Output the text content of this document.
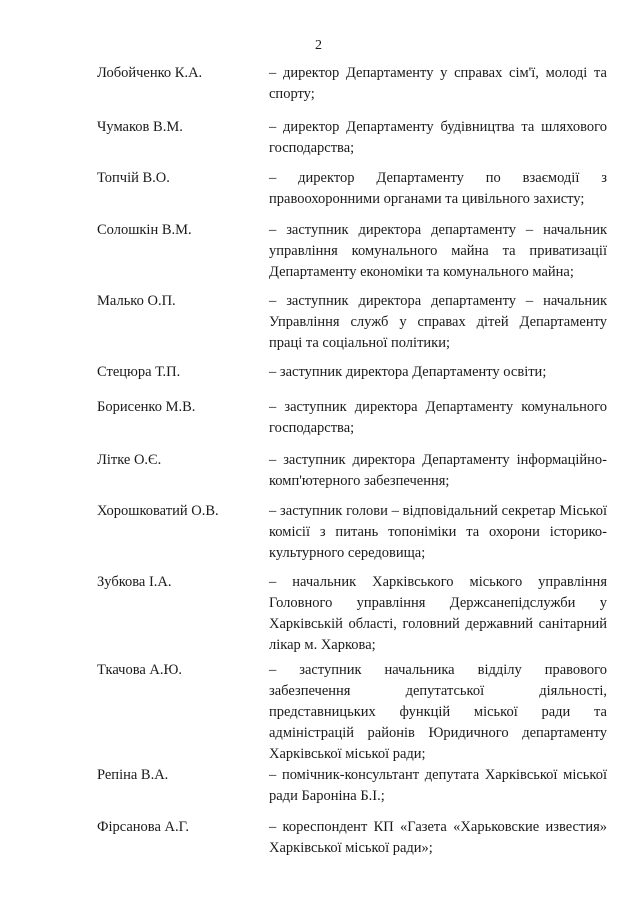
2
Лобойченко К.А.	– директор Департаменту у справах сім'ї, молоді та спорту;
Чумаков В.М.	– директор Департаменту будівництва та шляхового господарства;
Топчій В.О.	– директор Департаменту по взаємодії з правоохоронними органами та цивільного захисту;
Солошкін В.М.	– заступник директора департаменту – начальник управління комунального майна та приватизації Департаменту економіки та комунального майна;
Малько О.П.	– заступник директора департаменту – начальник Управління служб у справах дітей Департаменту праці та соціальної політики;
Стецюра Т.П.	– заступник директора Департаменту освіти;
Борисенко М.В.	– заступник директора Департаменту комунального господарства;
Літке О.Є.	– заступник директора Департаменту інформаційно-комп'ютерного забезпечення;
Хорошковатий О.В.	– заступник голови – відповідальний секретар Міської комісії з питань топоніміки та охорони історико-культурного середовища;
Зубкова І.А.	– начальник Харківського міського управління Головного управління Держсанепідслужби у Харківській області, головний державний санітарний лікар м. Харкова;
Ткачова А.Ю.	– заступник начальника відділу правового забезпечення депутатської діяльності, представницьких функцій міської ради та адміністрацій районів Юридичного департаменту Харківської міської ради;
Репіна В.А.	– помічник-консультант депутата Харківської міської ради Бароніна Б.І.;
Фірсанова А.Г.	– кореспондент КП «Газета «Харьковские известия» Харківської міської ради»;
